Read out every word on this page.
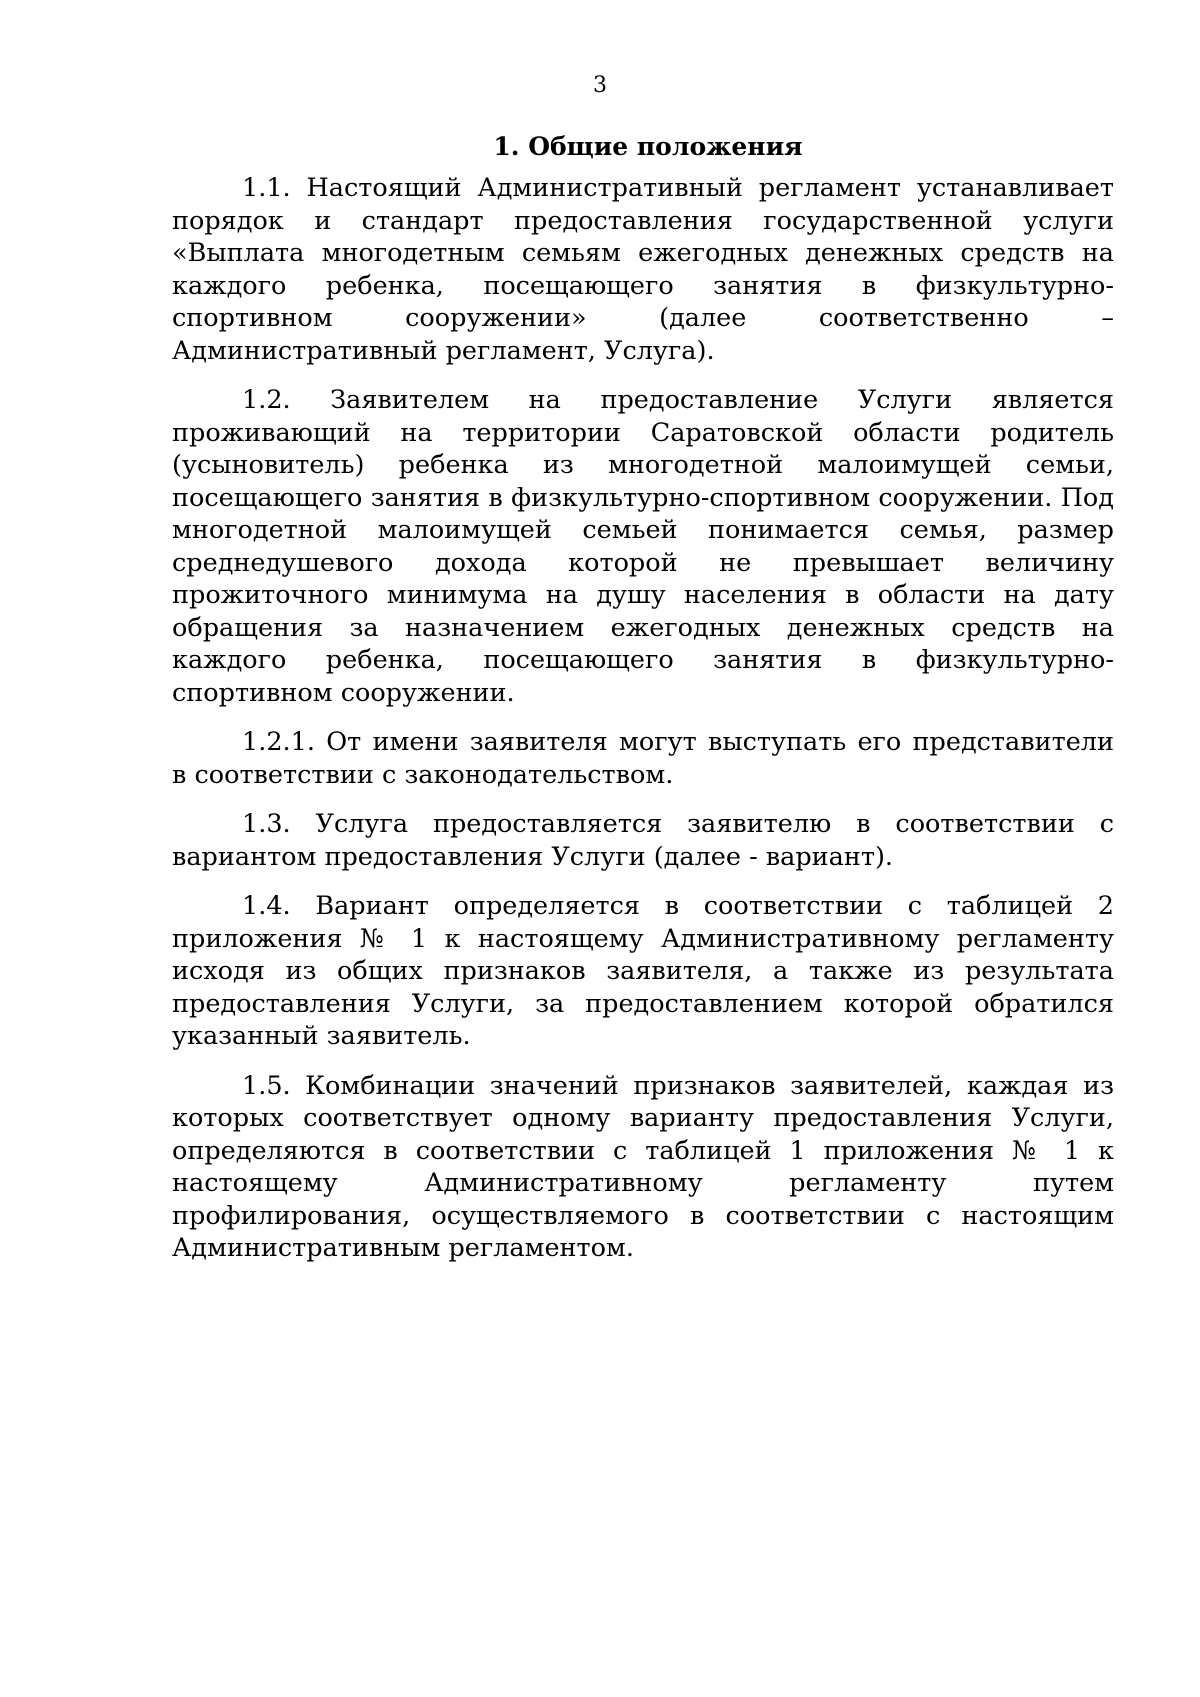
3
1. Общие положения

1.1. Настоящий Административный регламент устанавливает порядок и стандарт предоставления государственной услуги «Выплата многодетным семьям ежегодных денежных средств на каждого ребенка, посещающего занятия в физкультурно-спортивном сооружении» (далее соответственно – Административный регламент, Услуга).

1.2. Заявителем на предоставление Услуги является проживающий на территории Саратовской области родитель (усыновитель) ребенка из многодетной малоимущей семьи, посещающего занятия в физкультурно-спортивном сооружении. Под многодетной малоимущей семьей понимается семья, размер среднедушевого дохода которой не превышает величину прожиточного минимума на душу населения в области на дату обращения за назначением ежегодных денежных средств на каждого ребенка, посещающего занятия в физкультурно-спортивном сооружении.

1.2.1. От имени заявителя могут выступать его представители в соответствии с законодательством.

1.3. Услуга предоставляется заявителю в соответствии с вариантом предоставления Услуги (далее - вариант).

1.4. Вариант определяется в соответствии с таблицей 2 приложения № 1 к настоящему Административному регламенту исходя из общих признаков заявителя, а также из результата предоставления Услуги, за предоставлением которой обратился указанный заявитель.

1.5. Комбинации значений признаков заявителей, каждая из которых соответствует одному варианту предоставления Услуги, определяются в соответствии с таблицей 1 приложения № 1 к настоящему Административному регламенту путем профилирования, осуществляемого в соответствии с настоящим Административным регламентом.
